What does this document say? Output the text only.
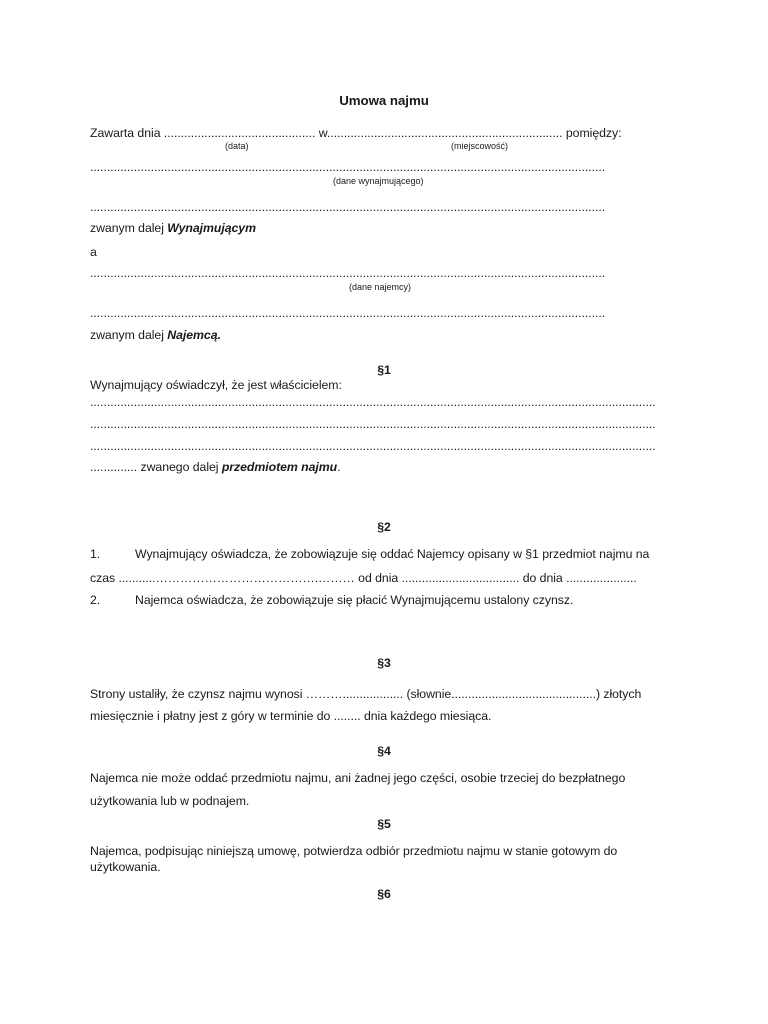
Umowa najmu

Zawarta dnia ............................................. w...................................................................... pomiędzy:

(data)	(miejscowość)

.........................................................................................................................................................

(dane wynajmującego)

.........................................................................................................................................................

zwanym dalej Wynajmującym

a

.........................................................................................................................................................

(dane najemcy)

.........................................................................................................................................................

zwanym dalej Najemcą.

§1

Wynajmujący oświadczył, że jest właścicielem:

........................................................................................................................................................................

........................................................................................................................................................................

........................................................................................................................................................................

.............. zwanego dalej przedmiotem najmu.

§2

1.	Wynajmujący oświadcza, że zobowiązuje się oddać Najemcy opisany w §1 przedmiot najmu na

czas ...........………………………………….……… od dnia ................................... do dnia .....................

2.	Najemca oświadcza, że zobowiązuje się płacić Wynajmującemu ustalony czynsz.

§3

Strony ustaliły, że czynsz najmu wynosi ……….................. (słownie...........................................) złotych

miesięcznie i płatny jest z góry w terminie do ........ dnia każdego miesiąca.

§4

Najemca nie może oddać przedmiotu najmu, ani żadnej jego części, osobie trzeciej do bezpłatnego

użytkowania lub w podnajem.

§5

Najemca, podpisując niniejszą umowę, potwierdza odbiór przedmiotu najmu w stanie gotowym do

użytkowania.

§6
